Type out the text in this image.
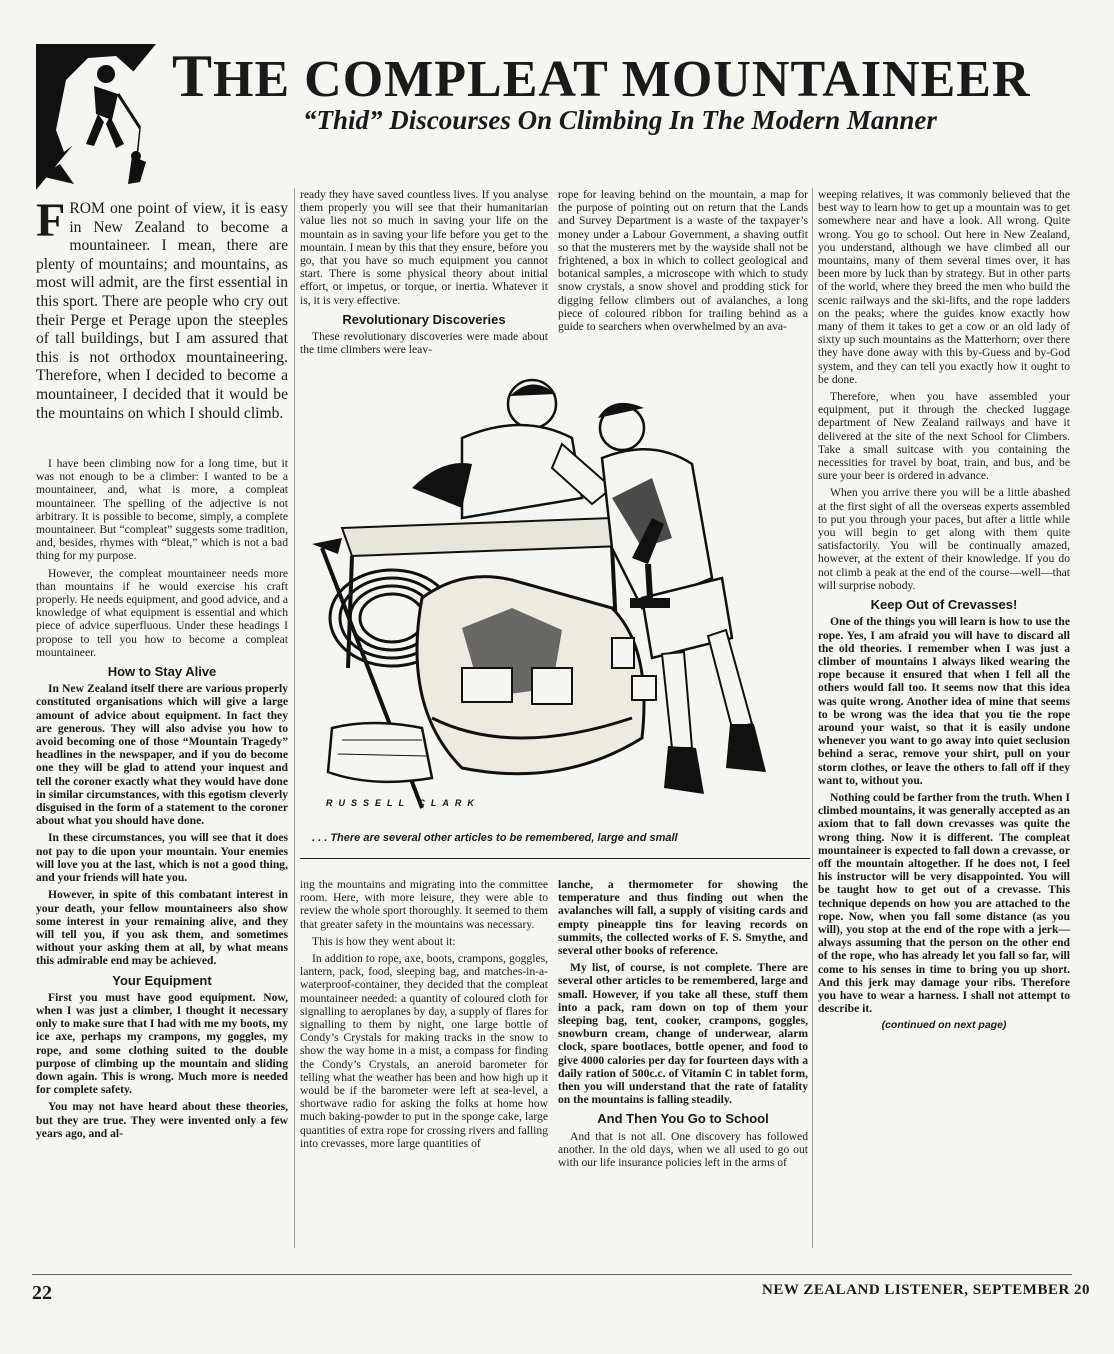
THE COMPLEAT MOUNTAINEER
“Thid” Discourses On Climbing In The Modern Manner
FROM one point of view, it is easy in New Zealand to become a mountaineer. I mean, there are plenty of mountains; and mountains, as most will admit, are the first essential in this sport. There are people who cry out their Perge et Perage upon the steeples of tall buildings, but I am assured that this is not orthodox mountaineering. Therefore, when I decided to become a mountaineer, I decided that it would be the mountains on which I should climb.

I have been climbing now for a long time, but it was not enough to be a climber: I wanted to be a mountaineer, and, what is more, a compleat mountaineer. The spelling of the adjective is not arbitrary. It is possible to become, simply, a complete mountaineer. But “compleat” suggests some tradition, and, besides, rhymes with “bleat,” which is not a bad thing for my purpose.

However, the compleat mountaineer needs more than mountains if he would exercise his craft properly. He needs equipment, and good advice, and a knowledge of what equipment is essential and which piece of advice superfluous. Under these headings I propose to tell you how to become a compleat mountaineer.

How to Stay Alive

In New Zealand itself there are various properly constituted organisations which will give a large amount of advice about equipment. In fact they are generous. They will also advise you how to avoid becoming one of those “Mountain Tragedy” headlines in the newspaper, and if you do become one they will be glad to attend your inquest and tell the coroner exactly what they would have done in similar circumstances, with this egotism cleverly disguised in the form of a statement to the coroner about what you should have done.

In these circumstances, you will see that it does not pay to die upon your mountain. Your enemies will love you at the last, which is not a good thing, and your friends will hate you.

However, in spite of this combatant interest in your death, your fellow mountaineers also show some interest in your remaining alive, and they will tell you, if you ask them, and sometimes without your asking them at all, by what means this admirable end may be achieved.

Your Equipment

First you must have good equipment. Now, when I was just a climber, I thought it necessary only to make sure that I had with me my boots, my ice axe, perhaps my crampons, my goggles, my rope, and some clothing suited to the double purpose of climbing up the mountain and sliding down again. This is wrong. Much more is needed for complete safety.

You may not have heard about these theories, but they are true. They were invented only a few years ago, and al-

ready they have saved countless lives. If you analyse them properly you will see that their humanitarian value lies not so much in saving your life on the mountain as in saving your life before you get to the mountain. I mean by this that they ensure, before you go, that you have so much equipment you cannot start. There is some physical theory about initial effort, or impetus, or torque, or inertia. Whatever it is, it is very effective.

Revolutionary Discoveries

These revolutionary discoveries were made about the time climbers were leav-

rope for leaving behind on the mountain, a map for the purpose of pointing out on return that the Lands and Survey Department is a waste of the taxpayer’s money under a Labour Government, a shaving outfit so that the musterers met by the wayside shall not be frightened, a box in which to collect geological and botanical samples, a microscope with which to study snow crystals, a snow shovel and prodding stick for digging fellow climbers out of avalanches, a long piece of coloured ribbon for trailing behind as a guide to searchers when overwhelmed by an ava-

weeping relatives, it was commonly believed that the best way to learn how to get up a mountain was to get somewhere near and have a look. All wrong. Quite wrong. You go to school. Out here in New Zealand, you understand, although we have climbed all our mountains, many of them several times over, it has been more by luck than by strategy. But in other parts of the world, where they breed the men who build the scenic railways and the ski-lifts, and the rope ladders on the peaks; where the guides know exactly how many of them it takes to get a cow or an old lady of sixty up such mountains as the Matterhorn; over there they have done away with this by-Guess and by-God system, and they can tell you exactly how it ought to be done.

Therefore, when you have assembled your equipment, put it through the checked luggage department of New Zealand railways and have it delivered at the site of the next School for Climbers. Take a small suitcase with you containing the necessities for travel by boat, train, and bus, and be sure your beer is ordered in advance.

When you arrive there you will be a little abashed at the first sight of all the overseas experts assembled to put you through your paces, but after a little while you will begin to get along with them quite satisfactorily. You will be continually amazed, however, at the extent of their knowledge. If you do not climb a peak at the end of the course—well—that will surprise nobody.

Keep Out of Crevasses!

One of the things you will learn is how to use the rope. Yes, I am afraid you will have to discard all the old theories. I remember when I was just a climber of mountains I always liked wearing the rope because it ensured that when I fell all the others would fall too. It seems now that this idea was quite wrong. Another idea of mine that seems to be wrong was the idea that you tie the rope around your waist, so that it is easily undone whenever you want to go away into quiet seclusion behind a serac, remove your shirt, pull on your storm clothes, or leave the others to fall off if they want to, without you.

Nothing could be farther from the truth. When I climbed mountains, it was generally accepted as an axiom that to fall down crevasses was quite the wrong thing. Now it is different. The compleat mountaineer is expected to fall down a crevasse, or off the mountain altogether. If he does not, I feel his instructor will be very disappointed. You will be taught how to get out of a crevasse. This technique depends on how you are attached to the rope. Now, when you fall some distance (as you will), you stop at the end of the rope with a jerk—always assuming that the person on the other end of the rope, who has already let you fall so far, will come to his senses in time to bring you up short. And this jerk may damage your ribs. Therefore you have to wear a harness. I shall not attempt to describe it.

(continued on next page)
RUSSELL CLARK
. . . There are several other articles to be remembered, large and small

ing the mountains and migrating into the committee room. Here, with more leisure, they were able to review the whole sport thoroughly. It seemed to them that greater safety in the mountains was necessary.

This is how they went about it:

In addition to rope, axe, boots, crampons, goggles, lantern, pack, food, sleeping bag, and matches-in-a-waterproof-container, they decided that the compleat mountaineer needed: a quantity of coloured cloth for signalling to aeroplanes by day, a supply of flares for signalling to them by night, one large bottle of Condy’s Crystals for making tracks in the snow to show the way home in a mist, a compass for finding the Condy’s Crystals, an aneroid barometer for telling what the weather has been and how high up it would be if the barometer were left at sea-level, a shortwave radio for asking the folks at home how much baking-powder to put in the sponge cake, large quantities of extra rope for crossing rivers and falling into crevasses, more large quantities of

lanche, a thermometer for showing the temperature and thus finding out when the avalanches will fall, a supply of visiting cards and empty pineapple tins for leaving records on summits, the collected works of F. S. Smythe, and several other books of reference.

My list, of course, is not complete. There are several other articles to be remembered, large and small. However, if you take all these, stuff them into a pack, ram down on top of them your sleeping bag, tent, cooker, crampons, goggles, snowburn cream, change of underwear, alarm clock, spare bootlaces, bottle opener, and food to give 4000 calories per day for fourteen days with a daily ration of 500c.c. of Vitamin C in tablet form, then you will understand that the rate of fatality on the mountains is falling steadily.

And Then You Go to School

And that is not all. One discovery has followed another. In the old days, when we all used to go out with our life insurance policies left in the arms of

22	NEW ZEALAND LISTENER, SEPTEMBER 20
